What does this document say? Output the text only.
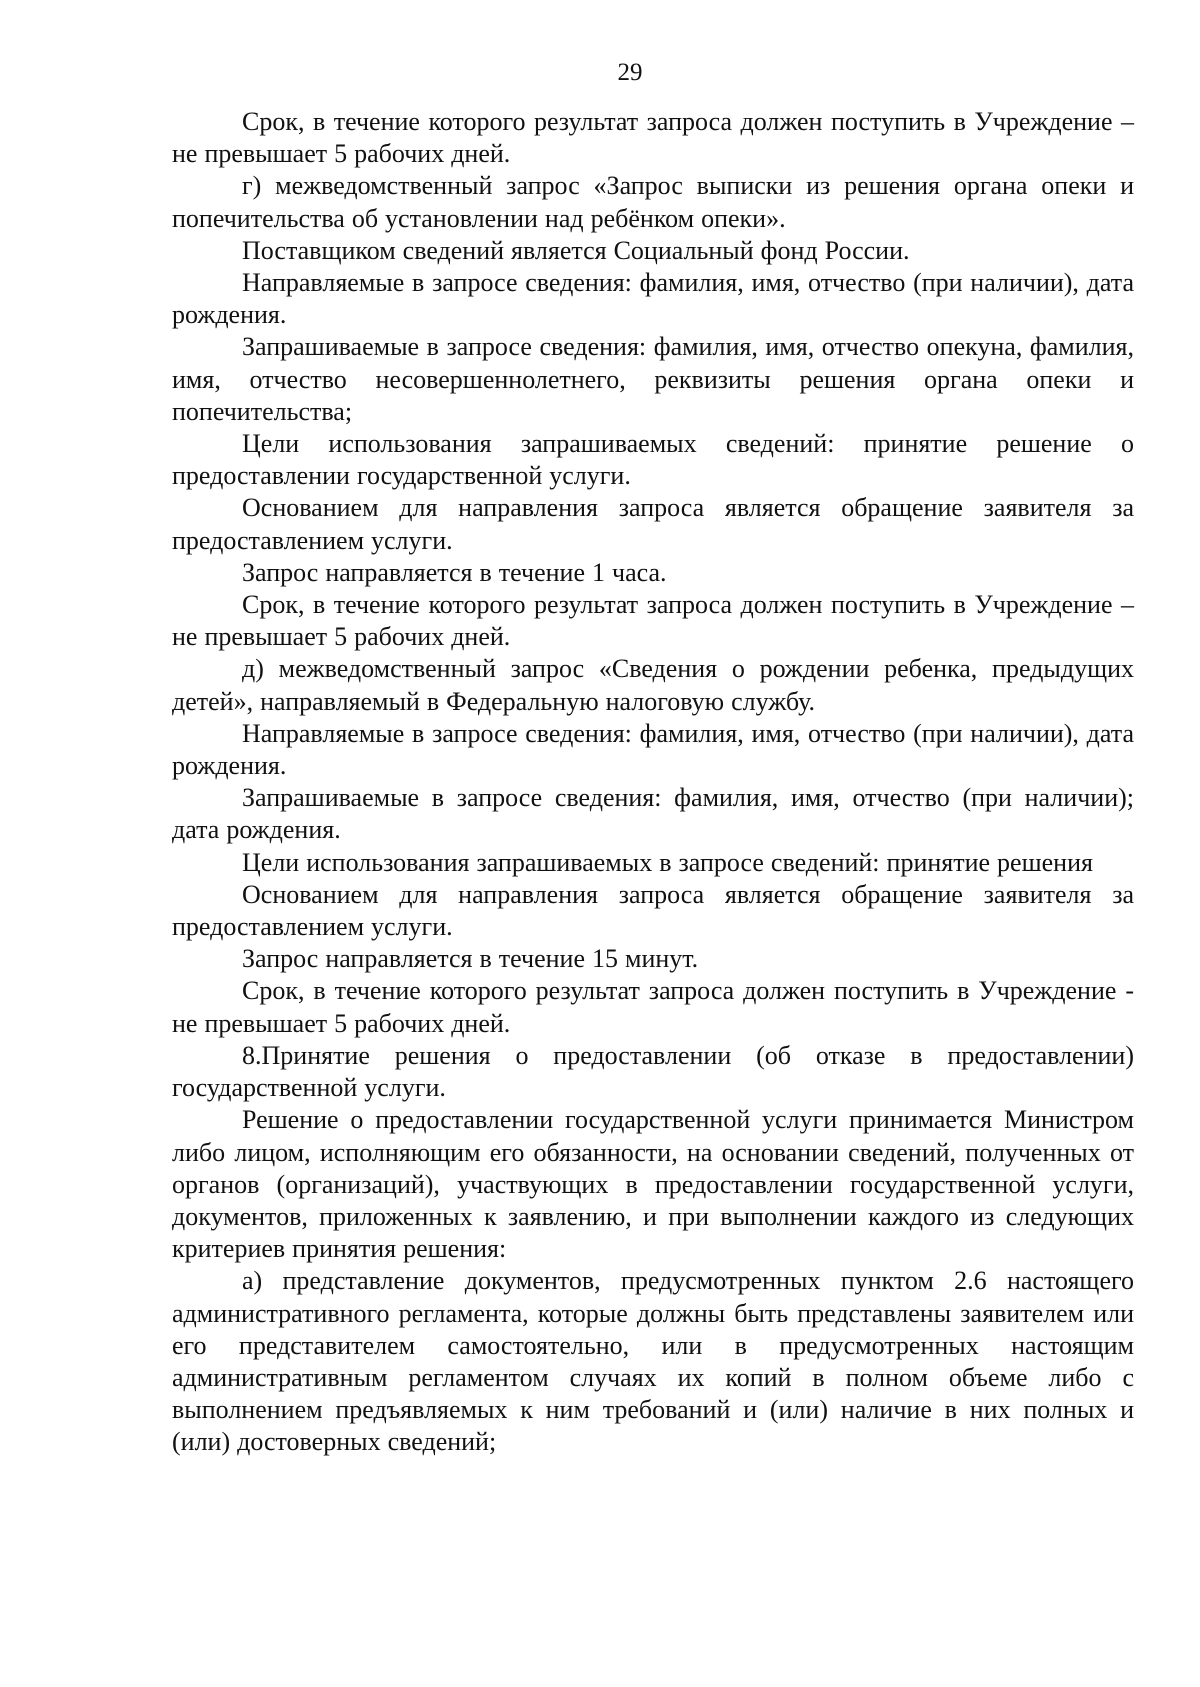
29

Срок, в течение которого результат запроса должен поступить в Учреждение – не превышает 5 рабочих дней.

г) межведомственный запрос «Запрос выписки из решения органа опеки и попечительства об установлении над ребёнком опеки».

Поставщиком сведений является Социальный фонд России.

Направляемые в запросе сведения: фамилия, имя, отчество (при наличии), дата рождения.

Запрашиваемые в запросе сведения: фамилия, имя, отчество опекуна, фамилия, имя, отчество несовершеннолетнего, реквизиты решения органа опеки и попечительства;

Цели использования запрашиваемых сведений: принятие решение о предоставлении государственной услуги.

Основанием для направления запроса является обращение заявителя за предоставлением услуги.

Запрос направляется в течение 1 часа.

Срок, в течение которого результат запроса должен поступить в Учреждение – не превышает 5 рабочих дней.

д) межведомственный запрос «Сведения о рождении ребенка, предыдущих детей», направляемый в Федеральную налоговую службу.

Направляемые в запросе сведения: фамилия, имя, отчество (при наличии), дата рождения.

Запрашиваемые в запросе сведения: фамилия, имя, отчество (при наличии); дата рождения.

Цели использования запрашиваемых в запросе сведений: принятие решения

Основанием для направления запроса является обращение заявителя за предоставлением услуги.

Запрос направляется в течение 15 минут.

Срок, в течение которого результат запроса должен поступить в Учреждение - не превышает 5 рабочих дней.

8.Принятие решения о предоставлении (об отказе в предоставлении) государственной услуги.

Решение о предоставлении государственной услуги принимается Министром либо лицом, исполняющим его обязанности, на основании сведений, полученных от органов (организаций), участвующих в предоставлении государственной услуги, документов, приложенных к заявлению, и при выполнении каждого из следующих критериев принятия решения:

а) представление документов, предусмотренных пунктом 2.6 настоящего административного регламента, которые должны быть представлены заявителем или его представителем самостоятельно, или в предусмотренных настоящим административным регламентом случаях их копий в полном объеме либо с выполнением предъявляемых к ним требований и (или) наличие в них полных и (или) достоверных сведений;
